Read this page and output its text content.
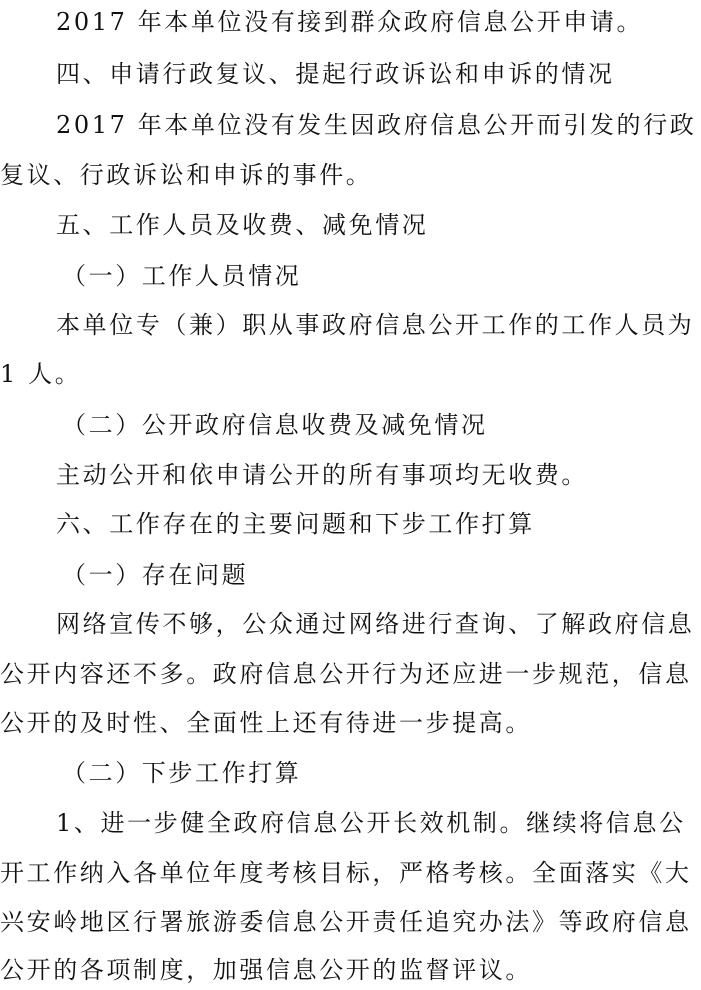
2017 年本单位没有接到群众政府信息公开申请。
四、申请行政复议、提起行政诉讼和申诉的情况
2017 年本单位没有发生因政府信息公开而引发的行政
复议、行政诉讼和申诉的事件。
五、工作人员及收费、减免情况
（一）工作人员情况
本单位专（兼）职从事政府信息公开工作的工作人员为
1 人。
（二）公开政府信息收费及减免情况
主动公开和依申请公开的所有事项均无收费。
六、工作存在的主要问题和下步工作打算
（一）存在问题
网络宣传不够，公众通过网络进行查询、了解政府信息
公开内容还不多。政府信息公开行为还应进一步规范，信息
公开的及时性、全面性上还有待进一步提高。
（二）下步工作打算
1、进一步健全政府信息公开长效机制。继续将信息公
开工作纳入各单位年度考核目标，严格考核。全面落实《大
兴安岭地区行署旅游委信息公开责任追究办法》等政府信息
公开的各项制度，加强信息公开的监督评议。
